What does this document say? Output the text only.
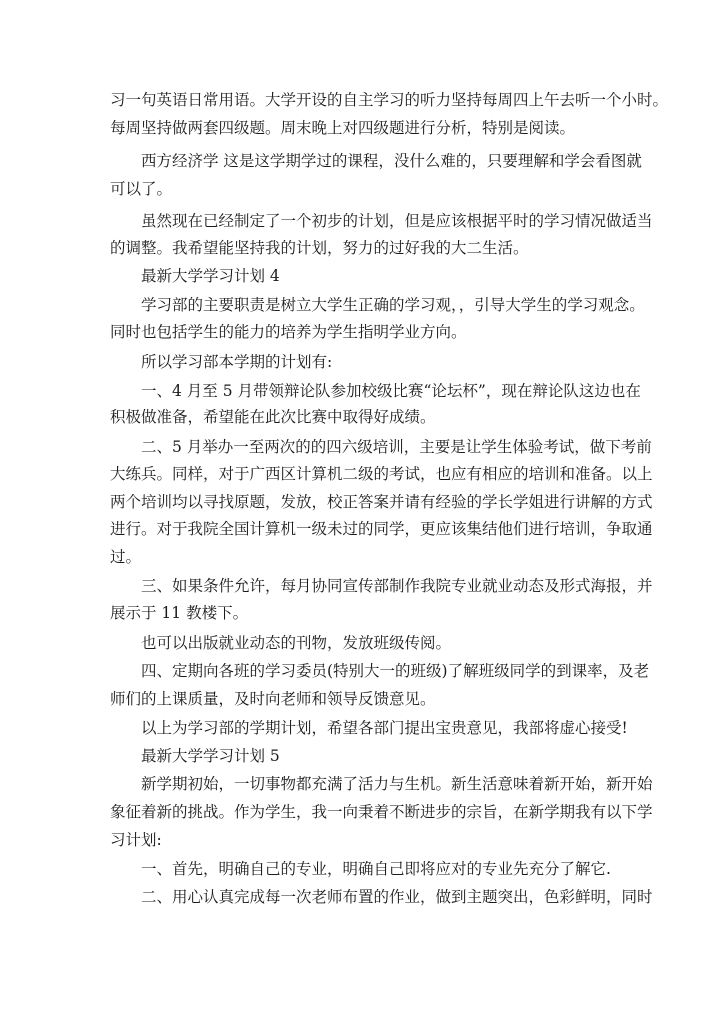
习一句英语日常用语。大学开设的自主学习的听力坚持每周四上午去听一个小时。
每周坚持做两套四级题。周末晚上对四级题进行分析，特别是阅读。
西方经济学 这是这学期学过的课程，没什么难的，只要理解和学会看图就
可以了。
虽然现在已经制定了一个初步的计划，但是应该根据平时的学习情况做适当
的调整。我希望能坚持我的计划，努力的过好我的大二生活。
最新大学学习计划 4
学习部的主要职责是树立大学生正确的学习观，，引导大学生的学习观念。
同时也包括学生的能力的培养为学生指明学业方向。
所以学习部本学期的计划有:
一、4 月至 5 月带领辩论队参加校级比赛“论坛杯”，现在辩论队这边也在
积极做准备，希望能在此次比赛中取得好成绩。
二、5 月举办一至两次的的四六级培训，主要是让学生体验考试，做下考前
大练兵。同样，对于广西区计算机二级的考试，也应有相应的培训和准备。以上
两个培训均以寻找原题，发放，校正答案并请有经验的学长学姐进行讲解的方式
进行。对于我院全国计算机一级未过的同学，更应该集结他们进行培训，争取通
过。
三、如果条件允许，每月协同宣传部制作我院专业就业动态及形式海报，并
展示于 11 教楼下。
也可以出版就业动态的刊物，发放班级传阅。
四、定期向各班的学习委员(特别大一的班级)了解班级同学的到课率，及老
师们的上课质量，及时向老师和领导反馈意见。
以上为学习部的学期计划，希望各部门提出宝贵意见，我部将虚心接受!
最新大学学习计划 5
新学期初始，一切事物都充满了活力与生机。新生活意味着新开始，新开始
象征着新的挑战。作为学生，我一向秉着不断进步的宗旨，在新学期我有以下学
习计划:
一、首先，明确自己的专业，明确自己即将应对的专业先充分了解它.
二、用心认真完成每一次老师布置的作业，做到主题突出，色彩鲜明，同时
